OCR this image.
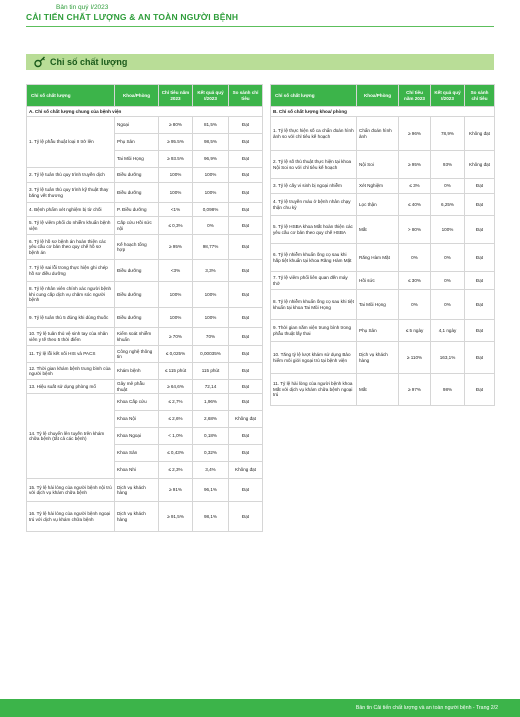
Bản tin quý I/2023
CẢI TIẾN CHẤT LƯỢNG & AN TOÀN NGƯỜI BỆNH
Chỉ số chất lượng
Chỉ số chất lượng	Khoa/Phòng	Chỉ tiêu năm 2023	Kết quả quý I/2023	So sánh chỉ tiêu
A. Chỉ số chất lượng chung của bệnh viện				
1. Tỷ lệ phẫu thuật loại II trở lên	Ngoại	≥ 80%	81,5%	Đạt
	Phụ Sản	≥ 95.5%	98,5%	Đạt
	Tai Mũi Họng	≥ 93.5%	96,9%	Đạt
2. Tỷ lệ tuân thủ quy trình truyền dịch	Điều dưỡng	100%	100%	Đạt
3. Tỷ lệ tuân thủ quy trình kỹ thuật thay băng vết thương	Điều dưỡng	100%	100%	Đạt
4. Bệnh phẩm xét nghiệm bị từ chối	P. Điều dưỡng	<1%	0,098%	Đạt
5. Tỷ lệ viêm phổi do nhiễm khuẩn bệnh viện	Cấp cứu Hồi sức nội	≤ 0,3%	0%	Đạt
6. Tỷ lệ hồ sơ bệnh án hoàn thiện các yêu cầu cơ bản theo quy chế hồ sơ bệnh án	Kế hoạch tổng hợp	≥ 95%	98,77%	Đạt
7. Tỷ lệ sai lỗi trong thực hiện ghi chép hồ sơ điều dưỡng	Điều dưỡng	<3%	3,3%	Đạt
8. Tỷ lệ nhân viên chính xác người bệnh khi cung cấp dịch vụ chăm sóc người bệnh	Điều dưỡng	100%	100%	Đạt
9. Tỷ lệ tuân thủ 5 đúng khi dùng thuốc	Điều dưỡng	100%	100%	Đạt
10. Tỷ lệ tuân thủ vệ sinh tay của nhân viên y tế theo 5 thời điểm	Kiểm soát nhiễm khuẩn	≥ 70%	70%	Đạt
11. Tỷ lệ lỗi kết nối HIS và PACS	Công nghệ thông tin	≤ 0,025%	0,00035%	Đạt
12. Thời gian khám bệnh trung bình của người bệnh	Khám bệnh	≤ 115 phút	115 phút	Đạt
13. Hiệu suất sử dụng phòng mổ	Gây mê phẫu thuật	≥ 64,6%	72,14	Đạt
14. Tỷ lệ chuyển lên tuyến trên khám chữa bệnh (tất cả các bệnh)	Khoa Cấp cứu	≤ 2,7%	1,96%	Đạt
	Khoa Nội	≤ 2,6%	2,68%	Không đạt
	Khoa Ngoại	< 1,0%	0,18%	Đạt
	Khoa Sản	≤ 0,43%	0,32%	Đạt
	Khoa Nhi	≤ 2,3%	3,4%	Không đạt
15. Tỷ lệ hài lòng của người bệnh nội trú với dịch vụ khám chữa bệnh	Dịch vụ khách hàng	≥ 91%	96,1%	Đạt
16. Tỷ lệ hài lòng của người bệnh ngoại trú với dịch vụ khám chữa bệnh	Dịch vụ khách hàng	≥ 91,5%	98,1%	Đạt
Chỉ số chất lượng	Khoa/Phòng	Chỉ tiêu năm 2023	Kết quả quý I/2023	So sánh chỉ tiêu
B. Chỉ số chất lượng khoa/ phòng				
1. Tỷ lệ thực hiện số ca chẩn đoán hình ảnh so với chỉ tiêu kế hoạch	Chẩn đoán hình ảnh	≥ 96%	78,9%	Không đạt
2. Tỷ lệ số thủ thuật thực hiện tại khoa Nội Soi so với chỉ tiêu kế hoạch	Nội Soi	≥ 95%	93%	Không đạt
3. Tỷ lệ cấy vi sinh bị ngoại nhiễm	Xét Nghiệm	≤ 3%	0%	Đạt
4. Tỷ lệ truyền máu ở bệnh nhân chạy thận chu kỳ	Lọc thận	≤ 40%	6,25%	Đạt
5. Tỷ lệ HSBA khoa Mắt hoàn thiện các yêu cầu cơ bản theo quy chế HSBA	Mắt	> 80%	100%	Đạt
6. Tỷ lệ nhiễm khuẩn ống cọ sau khi hấp tiệt khuẩn tại khoa Răng Hàm Mặt	Răng Hàm Mặt	0%	0%	Đạt
7. Tỷ lệ viêm phổi liên quan đến máy thở	Hồi sức	≤ 30%	0%	Đạt
8. Tỷ lệ nhiễm khuẩn ống cọ sau khi tiệt khuẩn tại khoa Tai Mũi Họng	Tai Mũi Họng	0%	0%	Đạt
9. Thời gian nằm viện trung bình trong phẫu thuật lấy thai	Phụ Sản	≤ 5 ngày	4,1 ngày	Đạt
10. Tăng tỷ lệ lượt khám sử dụng Bảo hiểm môi giới ngoại trú tại bệnh viện	Dịch vụ khách hàng	≥ 110%	163,1%	Đạt
11. Tỷ lệ hài lòng của người bệnh khoa Mắt với dịch vụ khám chữa bệnh ngoại trú	Mắt	≥ 97%	98%	Đạt
Bản tin Cải tiến chất lượng và an toàn người bệnh - Trang 2/2
